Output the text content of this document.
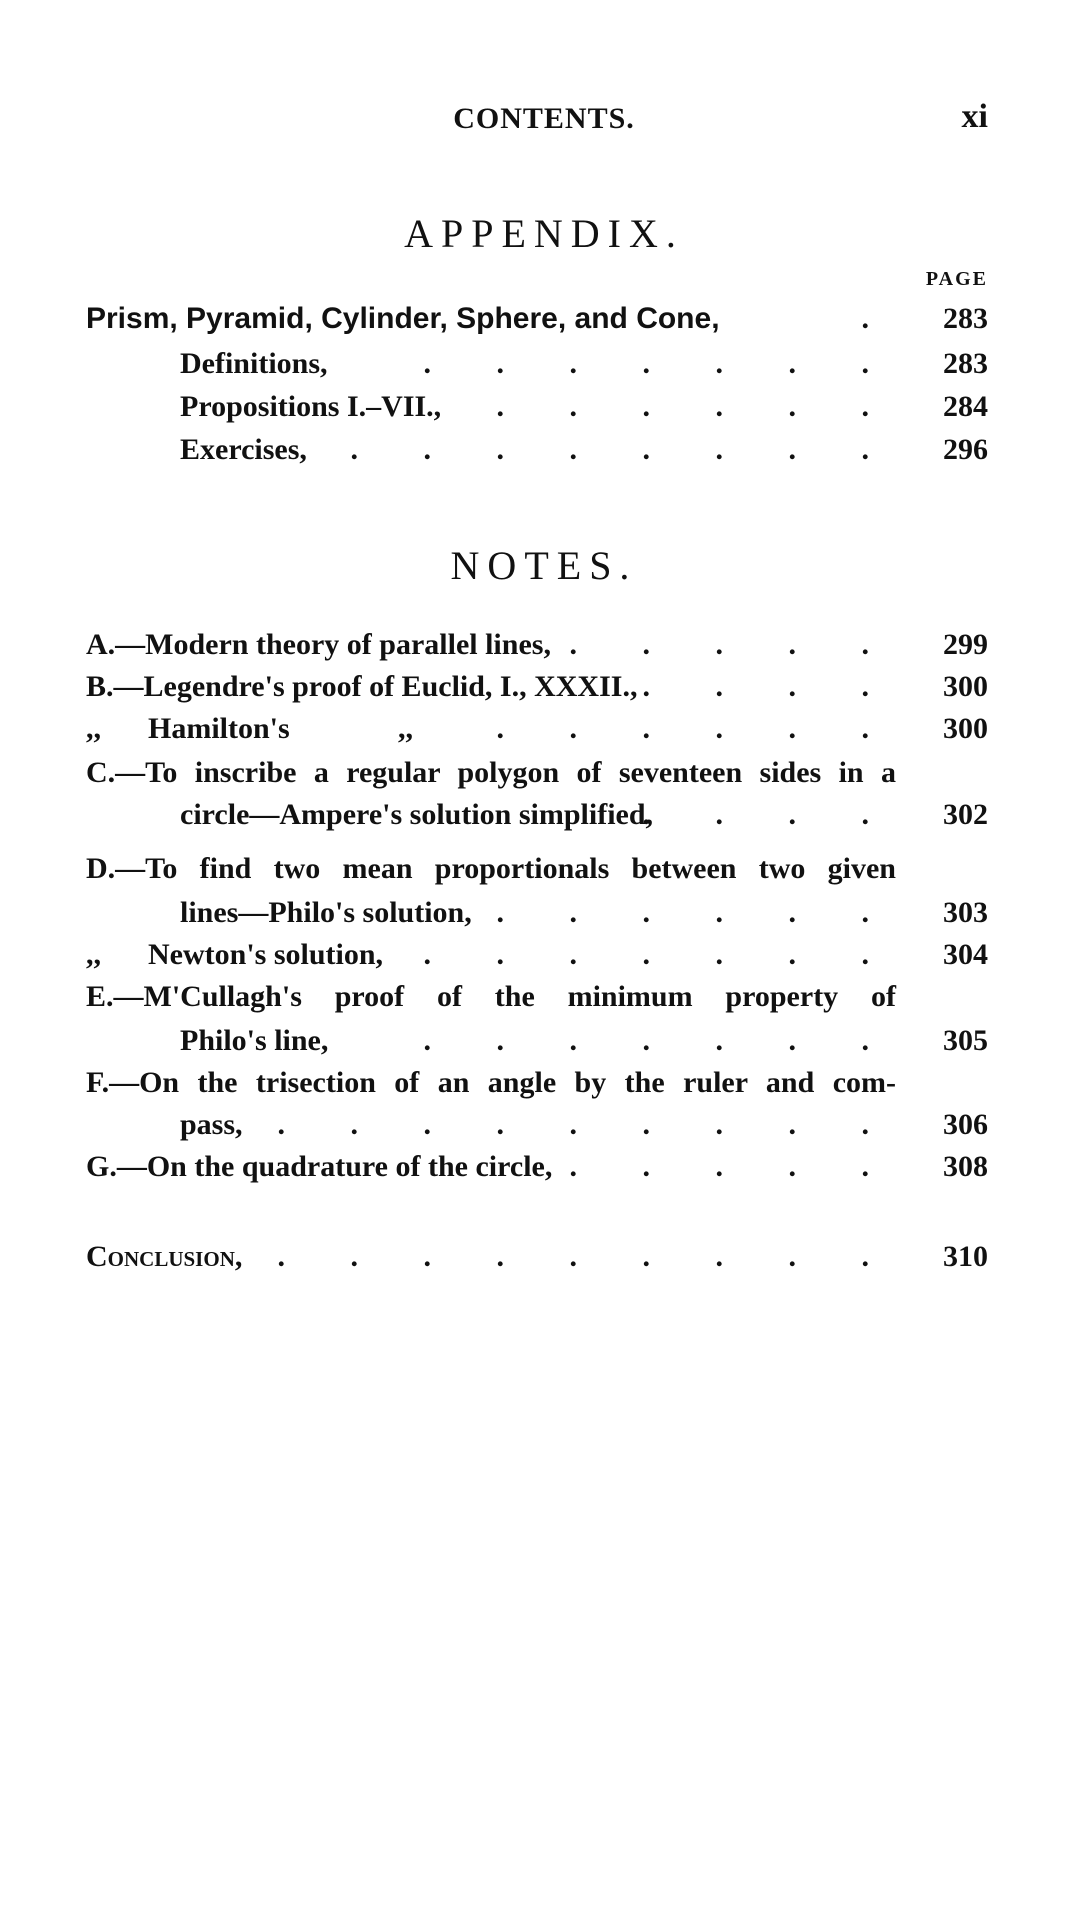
CONTENTS.	xi
APPENDIX.
PAGE
Prism, Pyramid, Cylinder, Sphere, and Cone,	. 283
Definitions,	. . . . . . . 283
Propositions I.–VII., . . . . . . 284
Exercises, . . . . . . . . 296
NOTES.
A.—Modern theory of parallel lines, . . . . . 299
B.—Legendre's proof of Euclid, I., XXXII., . . . . 300
,, Hamilton's	,,	. . . . . . 300
C.—To inscribe a regular polygon of seventeen sides in a
circle—Ampere's solution simplified,
. . . . 302
D.—To find two mean proportionals between two given
lines—Philo's solution, . . . . . . 303
,, Newton's solution, . . . . . . . 304
E.—M'Cullagh's proof of the minimum property of
Philo's line,	. . . . . . . 305
F.—On the trisection of an angle by the ruler and com-
pass, . . . . . . . . . 306
G.—On the quadrature of the circle, . . . . . 308
Conclusion, . . . . . . . . . 310
